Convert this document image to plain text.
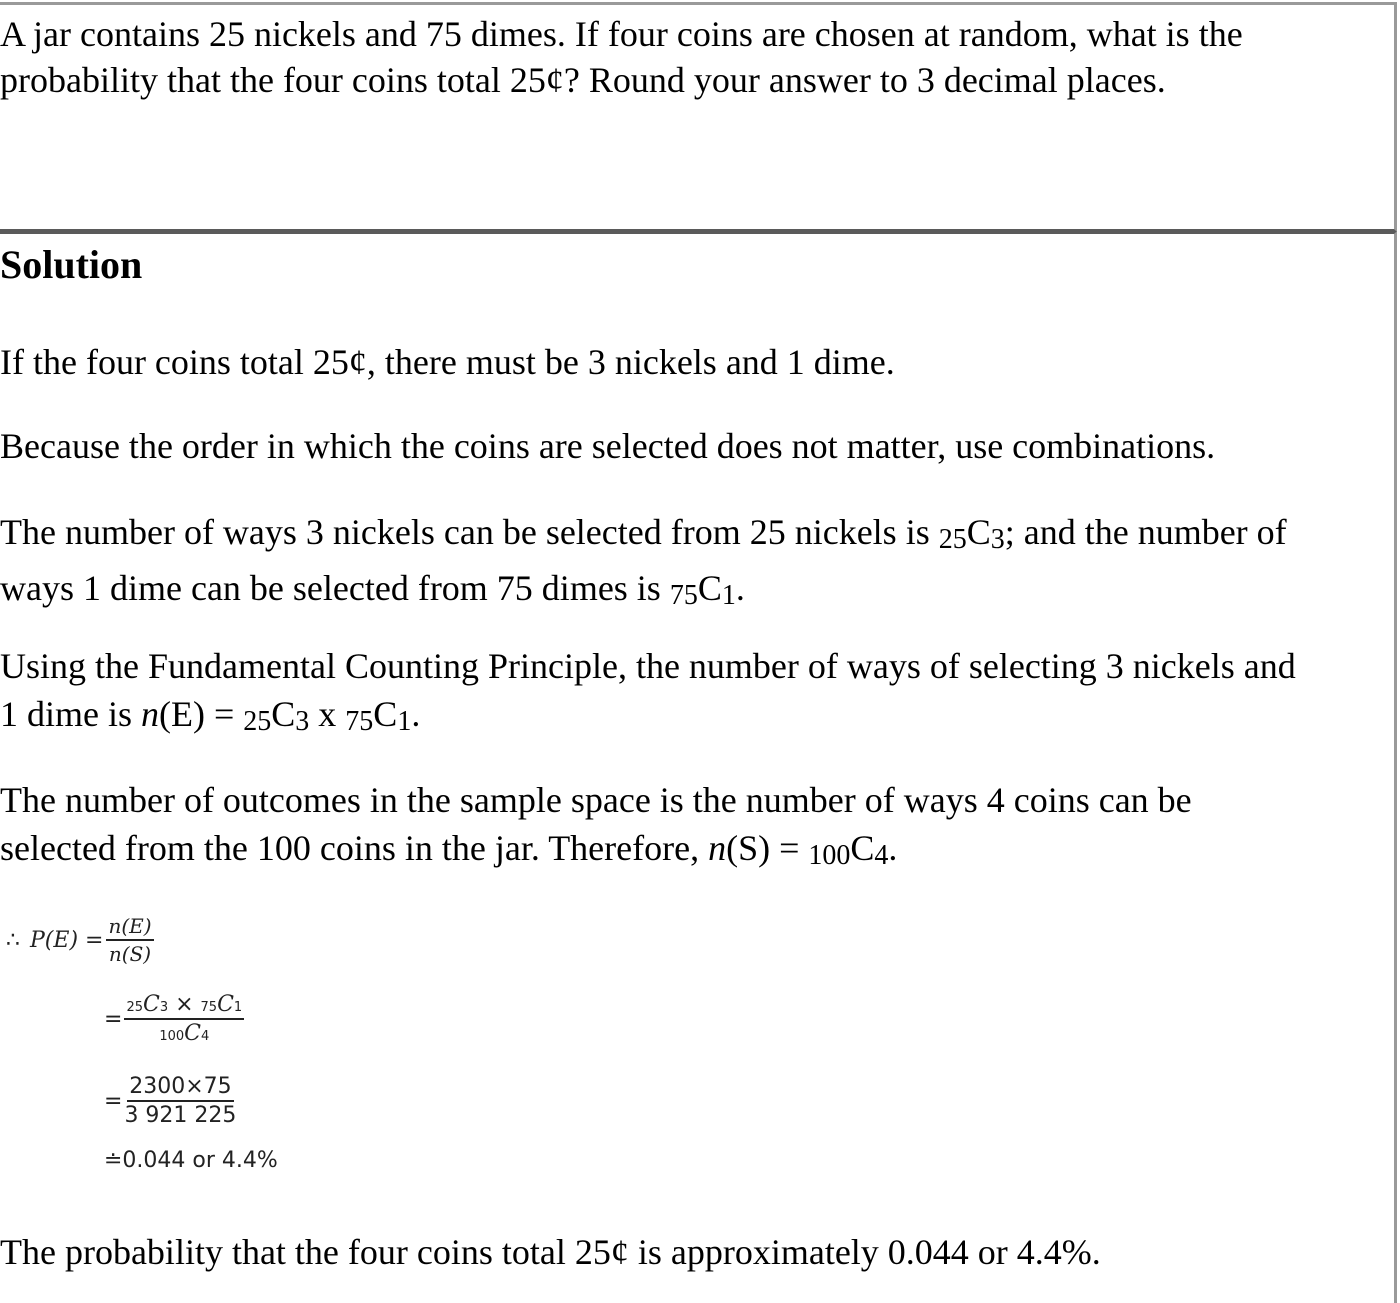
A jar contains 25 nickels and 75 dimes. If four coins are chosen at random, what is the
probability that the four coins total 25¢? Round your answer to 3 decimal places.

Solution

If the four coins total 25¢, there must be 3 nickels and 1 dime.

Because the order in which the coins are selected does not matter, use combinations.

The number of ways 3 nickels can be selected from 25 nickels is 25C3; and the number of
ways 1 dime can be selected from 75 dimes is 75C1.

Using the Fundamental Counting Principle, the number of ways of selecting 3 nickels and
1 dime is n(E) = 25C3 x 75C1.

The number of outcomes in the sample space is the number of ways 4 coins can be
selected from the 100 coins in the jar. Therefore, n(S) = 100C4.

∴ $P(E) = \frac{n(E)}{n(S)}$
= $\frac{25C3 \times 75C1}{100C4}$
= $\frac{2300\times 75}{3 921 225}$
≐0.044 or 4.4%

The probability that the four coins total 25¢ is approximately 0.044 or 4.4%.
